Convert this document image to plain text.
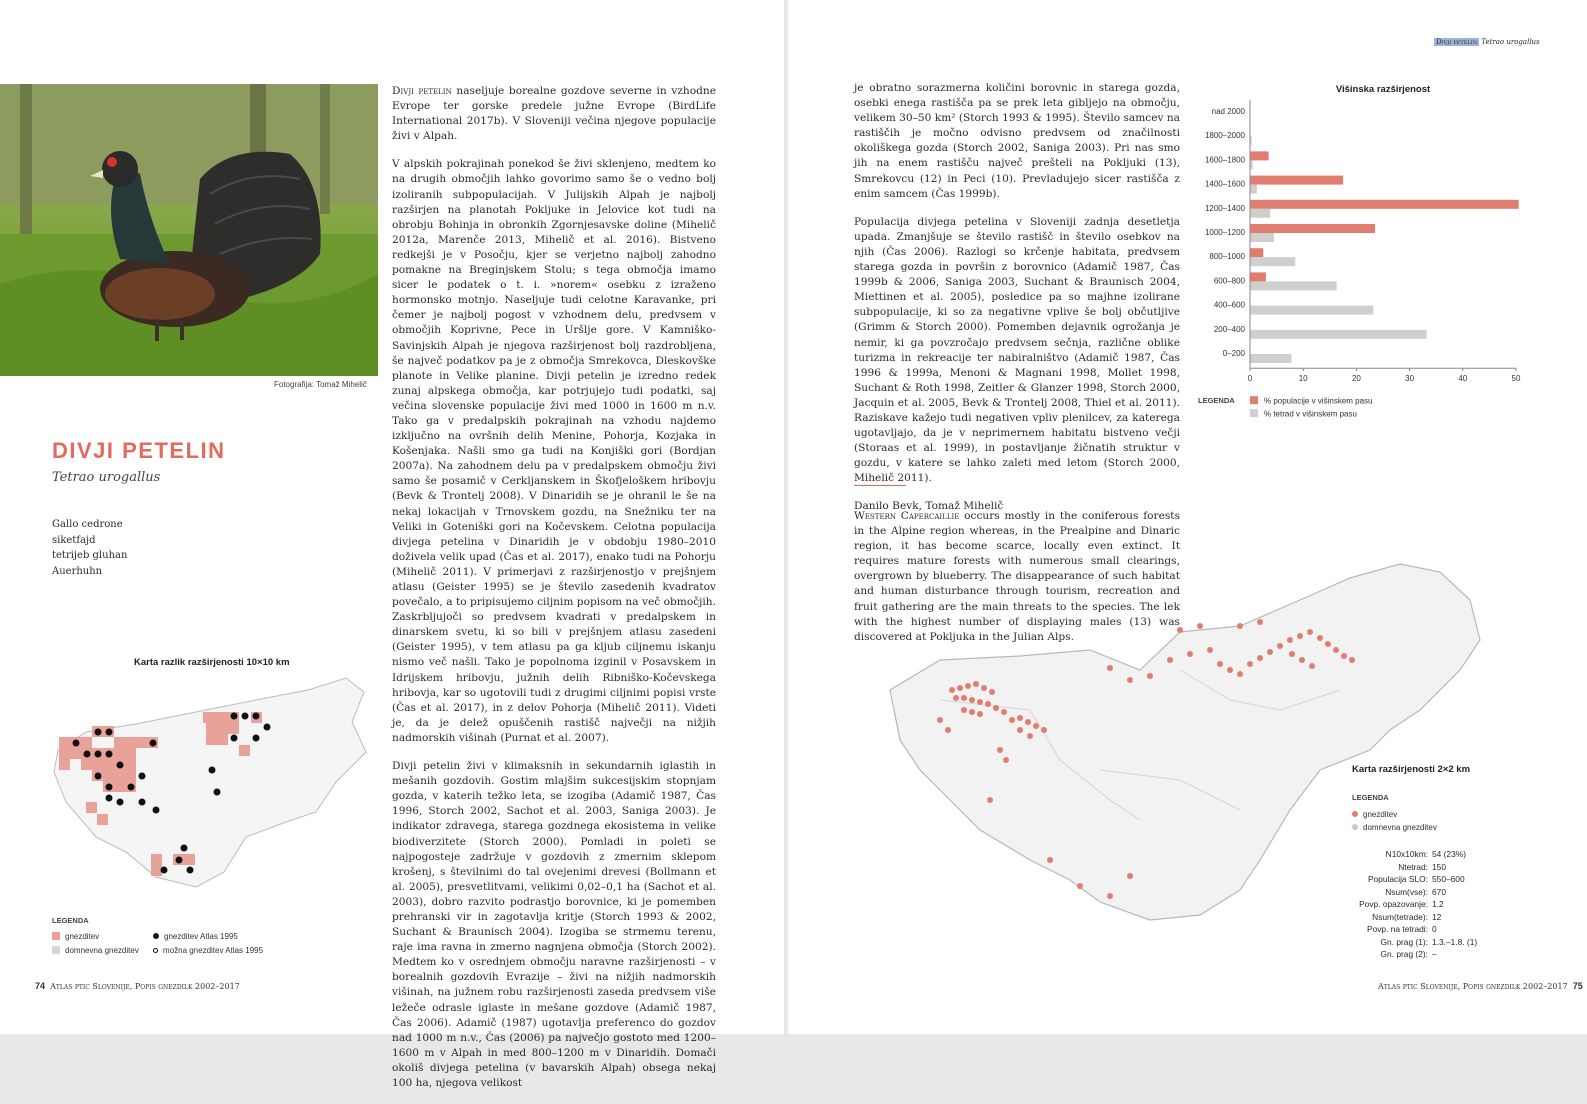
Fotografija: Tomaž Mihelič
DIVJI PETELIN
Tetrao urogallus
Gallo cedrone
siketfajd
tetrijeb gluhan
Auerhuhn

Divji petelin naseljuje borealne gozdove severne in vzhodne Evrope ter gorske predele južne Evrope (BirdLife International 2017b). V Sloveniji večina njegove populacije živi v Alpah.

V alpskih pokrajinah ponekod še živi sklenjeno, medtem ko na drugih območjih lahko govorimo samo še o vedno bolj izoliranih subpopulacijah. V Julijskih Alpah je najbolj razširjen na planotah Pokljuke in Jelovice kot tudi na obrobju Bohinja in obronkih Zgornjesavske doline (Mihelič 2012a, Marenče 2013, Mihelič et al. 2016). Bistveno redkejši je v Posočju, kjer se verjetno najbolj zahodno pomakne na Breginjskem Stolu; s tega območja imamo sicer le podatek o t. i. »norem« osebku z izraženo hormonsko motnjo. Naseljuje tudi celotne Karavanke, pri čemer je najbolj pogost v vzhodnem delu, predvsem v območjih Koprivne, Pece in Uršlje gore. V Kamniško-Savinjskih Alpah je njegova razširjenost bolj razdrobljena, še največ podatkov pa je z območja Smrekovca, Dleskovške planote in Velike planine. Divji petelin je izredno redek zunaj alpskega območja, kar potrjujejo tudi podatki, saj večina slovenske populacije živi med 1000 in 1600 m n.v. Tako ga v predalpskih pokrajinah na vzhodu najdemo izključno na ovršnih delih Menine, Pohorja, Kozjaka in Košenjaka. Našli smo ga tudi na Konjiški gori (Bordjan 2007a). Na zahodnem delu pa v predalpskem območju živi samo še posamič v Cerkljanskem in Škofjeloškem hribovju (Bevk & Trontelj 2008). V Dinaridih se je ohranil le še na nekaj lokacijah v Trnovskem gozdu, na Snežniku ter na Veliki in Goteniški gori na Kočevskem. Celotna populacija divjega petelina v Dinaridih je v obdobju 1980–2010 doživela velik upad (Čas et al. 2017), enako tudi na Pohorju (Mihelič 2011). V primerjavi z razširjenostjo v prejšnjem atlasu (Geister 1995) se je število zasedenih kvadratov povečalo, a to pripisujemo ciljnim popisom na več območjih. Zaskrbljujoči so predvsem kvadrati v predalpskem in dinarskem svetu, ki so bili v prejšnjem atlasu zasedeni (Geister 1995), v tem atlasu pa ga kljub ciljnemu iskanju nismo več našli. Tako je popolnoma izginil v Posavskem in Idrijskem hribovju, južnih delih Ribniško-Kočevskega hribovja, kar so ugotovili tudi z drugimi ciljnimi popisi vrste (Čas et al. 2017), in z delov Pohorja (Mihelič 2011). Videti je, da je delež opuščenih rastišč največji na nižjih nadmorskih višinah (Purnat et al. 2007).

Divji petelin živi v klimaksnih in sekundarnih iglastih in mešanih gozdovih. Gostim mlajšim sukcesijskim stopnjam gozda, v katerih težko leta, se izogiba (Adamič 1987, Čas 1996, Storch 2002, Sachot et al. 2003, Saniga 2003). Je indikator zdravega, starega gozdnega ekosistema in velike biodiverzitete (Storch 2000). Pomladi in poleti se najpogosteje zadržuje v gozdovih z zmernim sklepom krošenj, s številnimi do tal ovejenimi drevesi (Bollmann et al. 2005), presvetlitvami, velikimi 0,02–0,1 ha (Sachot et al. 2003), dobro razvito podrastjo borovnice, ki je pomemben prehranski vir in zagotavlja kritje (Storch 1993 & 2002, Suchant & Braunisch 2004). Izogiba se strmemu terenu, raje ima ravna in zmerno nagnjena območja (Storch 2002). Medtem ko v osrednjem območju naravne razširjenosti – v borealnih gozdovih Evrazije – živi na nižjih nadmorskih višinah, na južnem robu razširjenosti zaseda predvsem više ležeče odrasle iglaste in mešane gozdove (Adamič 1987, Čas 2006). Adamič (1987) ugotavlja preferenco do gozdov nad 1000 m n.v., Čas (2006) pa največjo gostoto med 1200–1600 m v Alpah in med 800–1200 m v Dinaridih. Domači okoliš divjega petelina (v bavarskih Alpah) obsega nekaj 100 ha, njegova velikost

Karta razlik razširjenosti 10×10 km
LEGENDA
gnezditev
domnevna gnezditev
gnezditev Atlas 1995
možna gnezditev Atlas 1995
74 Atlas ptic Slovenije, Popis gnezdilk 2002–2017
Divji petelin Tetrao urogallus

je obratno sorazmerna količini borovnic in starega gozda, osebki enega rastišča pa se prek leta gibljejo na območju, velikem 30–50 km² (Storch 1993 & 1995). Število samcev na rastiščih je močno odvisno predvsem od značilnosti okoliškega gozda (Storch 2002, Saniga 2003). Pri nas smo jih na enem rastišču največ prešteli na Pokljuki (13), Smrekovcu (12) in Peci (10). Prevladujejo sicer rastišča z enim samcem (Čas 1999b).

Populacija divjega petelina v Sloveniji zadnja desetletja upada. Zmanjšuje se število rastišč in število osebkov na njih (Čas 2006). Razlogi so krčenje habitata, predvsem starega gozda in površin z borovnico (Adamič 1987, Čas 1999b & 2006, Saniga 2003, Suchant & Braunisch 2004, Miettinen et al. 2005), posledice pa so majhne izolirane subpopulacije, ki so za negativne vplive še bolj občutljive (Grimm & Storch 2000). Pomemben dejavnik ogrožanja je nemir, ki ga povzročajo predvsem sečnja, različne oblike turizma in rekreacije ter nabiralništvo (Adamič 1987, Čas 1996 & 1999a, Menoni & Magnani 1998, Mollet 1998, Suchant & Roth 1998, Zeitler & Glanzer 1998, Storch 2000, Jacquin et al. 2005, Bevk & Trontelj 2008, Thiel et al. 2011). Raziskave kažejo tudi negativen vpliv plenilcev, za katerega ugotavljajo, da je v neprimernem habitatu bistveno večji (Storaas et al. 1999), in postavljanje žičnatih struktur v gozdu, v katere se lahko zaleti med letom (Storch 2000, Mihelič 2011).

Danilo Bevk, Tomaž Mihelič

Western Capercaillie occurs mostly in the coniferous forests in the Alpine region whereas, in the Prealpine and Dinaric region, it has become scarce, locally even extinct. It requires mature forests with numerous small clearings, overgrown by blueberry. The disappearance of such habitat and human disturbance through tourism, recreation and fruit gathering are the main threats to the species. The lek with the highest number of displaying males (13) was discovered at Pokljuka in the Julian Alps.

Višinska razširjenost
nad 2000
1800–2000
1600–1800
1400–1600
1200–1400
1000–1200
800–1000
600–800
400–600
200–400
0–200
0	10	20	30	40	50
LEGENDA	% populacije v višinskem pasu
% tetrad v višinskem pasu
Karta razširjenosti 2×2 km
LEGENDA
gnezditev
domnevna gnezditev
N10x10km: 54 (23%)
Ntetrad: 150
Populacija SLO: 550–600
Nsum(vse): 670
Povp. opazovanje: 1.2
Nsum(tetrade): 12
Povp. na tetradi: 0
Gn. prag (1): 1.3.–1.8. (1)
Gn. prag (2): –
Atlas ptic Slovenije, Popis gnezdilk 2002–2017 75
